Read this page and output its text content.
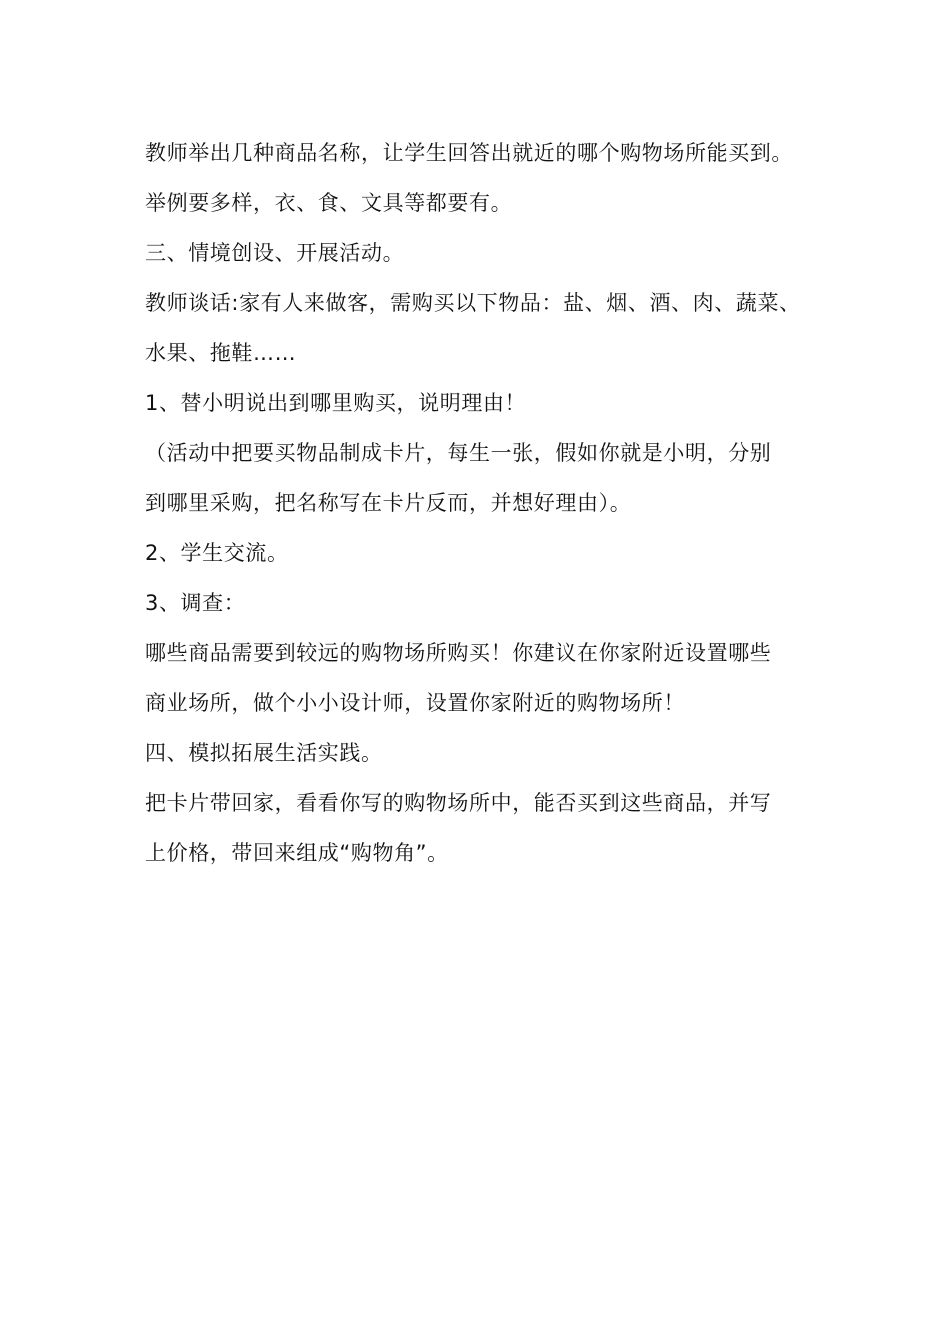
教师举出几种商品名称，让学生回答出就近的哪个购物场所能买到。
举例要多样，衣、食、文具等都要有。
三、情境创设、开展活动。
教师谈话:家有人来做客，需购买以下物品：盐、烟、酒、肉、蔬菜、
水果、拖鞋……
1、替小明说出到哪里购买，说明理由！
（活动中把要买物品制成卡片，每生一张，假如你就是小明，分别
到哪里采购，把名称写在卡片反而，并想好理由）。
2、学生交流。
3、调查：
哪些商品需要到较远的购物场所购买！你建议在你家附近设置哪些
商业场所，做个小小设计师，设置你家附近的购物场所！
四、模拟拓展生活实践。
把卡片带回家，看看你写的购物场所中，能否买到这些商品，并写
上价格，带回来组成“购物角”。
